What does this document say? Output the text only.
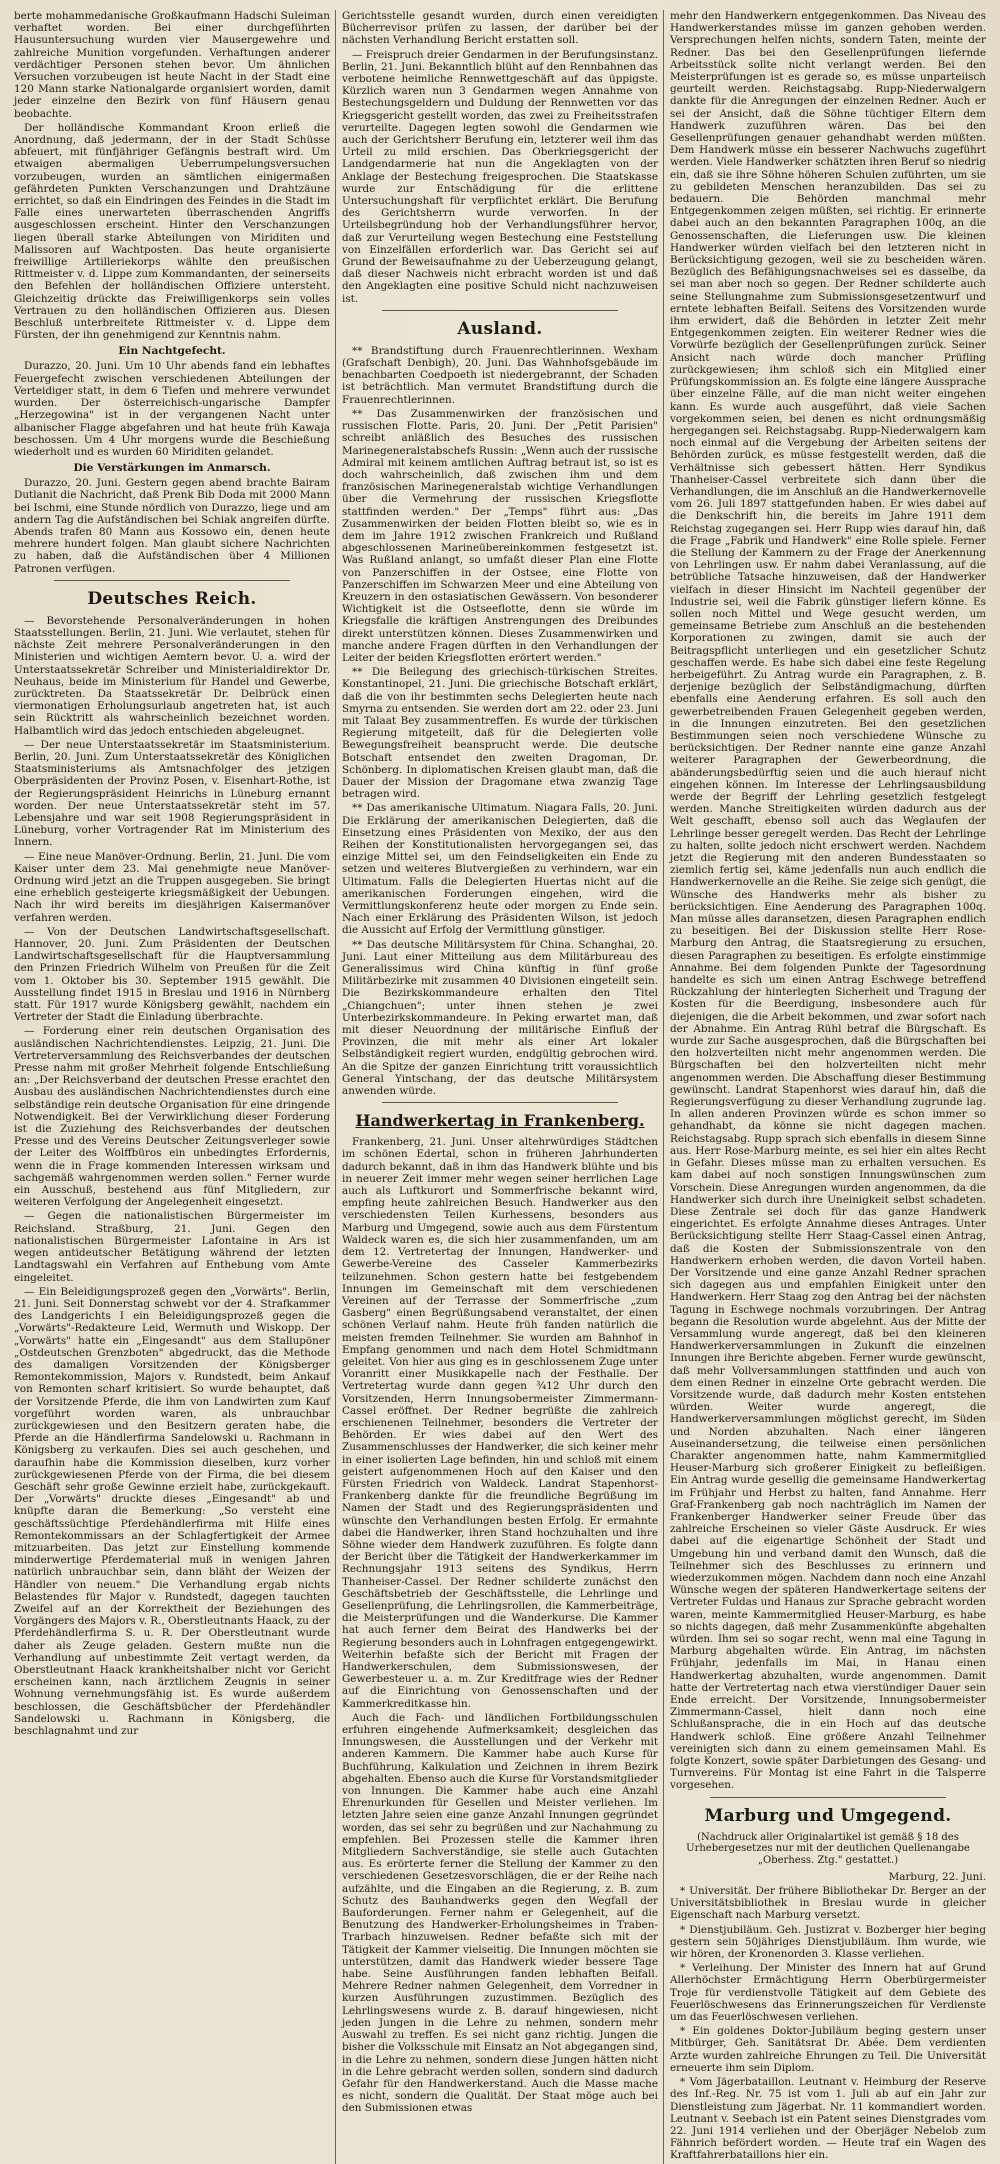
berte mohammedanische Großkaufmann Hadschi Suleiman verhaftet worden. Bei einer durchgeführten Hausuntersuchung wurden vier Mausergewehre und zahlreiche Munition vorgefunden. Verhaftungen anderer verdächtiger Personen stehen bevor. Um ähnlichen Versuchen vorzubeugen ist heute Nacht in der Stadt eine 120 Mann starke Nationalgarde organisiert worden, damit jeder einzelne den Bezirk von fünf Häusern genau beobachte.

Der holländische Kommandant Kroon erließ die Anordnung, daß jedermann, der in der Stadt Schüsse abfeuert, mit fünfjähriger Gefängnis bestraft wird. Um etwaigen abermaligen Ueberrumpelungsversuchen vorzubeugen, wurden an sämtlichen einigermaßen gefährdeten Punkten Verschanzungen und Drahtzäune errichtet, so daß ein Eindringen des Feindes in die Stadt im Falle eines unerwarteten überraschenden Angriffs ausgeschlossen erscheint. Hinter den Verschanzungen liegen überall starke Abteilungen von Miriditen und Malissoren auf Wachtposten. Das heute organisierte freiwillige Artilleriekorps wählte den preußischen Rittmeister v. d. Lippe zum Kommandanten, der seinerseits den Befehlen der holländischen Offiziere untersteht. Gleichzeitig drückte das Freiwilligenkorps sein volles Vertrauen zu den holländischen Offizieren aus. Diesen Beschluß unterbreitete Rittmeister v. d. Lippe dem Fürsten, der ihn genehmigend zur Kenntnis nahm.

Ein Nachtgefecht.

Durazzo, 20. Juni. Um 10 Uhr abends fand ein lebhaftes Feuergefecht zwischen verschiedenen Abteilungen der Verteidiger statt, in dem 6 Tiefen und mehrere verwundet wurden. Der österreichisch-ungarische Dampfer „Herzegowina" ist in der vergangenen Nacht unter albanischer Flagge abgefahren und hat heute früh Kawaja beschossen. Um 4 Uhr morgens wurde die Beschießung wiederholt und es wurden 60 Miriditen gelandet.

Die Verstärkungen im Anmarsch.

Durazzo, 20. Juni. Gestern gegen abend brachte Bairam Dutlanit die Nachricht, daß Prenk Bib Doda mit 2000 Mann bei Ischmi, eine Stunde nördlich von Durazzo, liege und am andern Tag die Aufständischen bei Schiak angreifen dürfte. Abends trafen 80 Mann aus Kossowo ein, denen heute mehrere hundert folgen. Man glaubt sichere Nachrichten zu haben, daß die Aufständischen über 4 Millionen Patronen verfügen.

Deutsches Reich.

— Bevorstehende Personalveränderungen in hohen Staatsstellungen. Berlin, 21. Juni. Wie verlautet, stehen für nächste Zeit mehrere Personalveränderungen in den Ministerien und wichtigen Aemtern bevor. U. a. wird der Unterstaatssekretär Schreiber und Ministerialdirektor Dr. Neuhaus, beide im Ministerium für Handel und Gewerbe, zurücktreten. Da Staatssekretär Dr. Delbrück einen viermonatigen Erholungsurlaub angetreten hat, ist auch sein Rücktritt als wahrscheinlich bezeichnet worden. Halbamtlich wird das jedoch entschieden abgeleugnet.

— Der neue Unterstaatssekretär im Staatsministerium. Berlin, 20. Juni. Zum Unterstaatssekretär des Königlichen Staatsministeriums als Amtsnachfolger des jetzigen Oberpräsidenten der Provinz Posen, v. Eisenhart-Rothe, ist der Regierungspräsident Heinrichs in Lüneburg ernannt worden. Der neue Unterstaatssekretär steht im 57. Lebensjahre und war seit 1908 Regierungspräsident in Lüneburg, vorher Vortragender Rat im Ministerium des Innern.

— Eine neue Manöver-Ordnung. Berlin, 21. Juni. Die vom Kaiser unter dem 23. Mai genehmigte neue Manöver-Ordnung wird jetzt an die Truppen ausgegeben. Sie bringt eine erheblich gesteigerte kriegsmäßigkeit der Uebungen. Nach ihr wird bereits im diesjährigen Kaisermanöver verfahren werden.

— Von der Deutschen Landwirtschaftsgesellschaft. Hannover, 20. Juni. Zum Präsidenten der Deutschen Landwirtschaftsgesellschaft für die Hauptversammlung den Prinzen Friedrich Wilhelm von Preußen für die Zeit vom 1. Oktober bis 30. September 1915 gewählt. Die Ausstellung findet 1915 in Breslau und 1916 in Nürnberg statt. Für 1917 wurde Königsberg gewählt, nachdem ein Vertreter der Stadt die Einladung überbrachte.

— Forderung einer rein deutschen Organisation des ausländischen Nachrichtendienstes. Leipzig, 21. Juni. Die Vertreterversammlung des Reichsverbandes der deutschen Presse nahm mit großer Mehrheit folgende Entschließung an: „Der Reichsverband der deutschen Presse erachtet den Ausbau des ausländischen Nachrichtendienstes durch eine selbständige rein deutsche Organisation für eine dringende Notwendigkeit. Bei der Verwirklichung dieser Forderung ist die Zuziehung des Reichsverbandes der deutschen Presse und des Vereins Deutscher Zeitungsverleger sowie der Leiter des Wolffbüros ein unbedingtes Erfordernis, wenn die in Frage kommenden Interessen wirksam und sachgemäß wahrgenommen werden sollen." Ferner wurde ein Ausschuß, bestehend aus fünf Mitgliedern, zur weiteren Verfolgung der Angelegenheit eingesetzt.

— Gegen die nationalistischen Bürgermeister im Reichsland. Straßburg, 21. Juni. Gegen den nationalistischen Bürgermeister Lafontaine in Ars ist wegen antideutscher Betätigung während der letzten Landtagswahl ein Verfahren auf Enthebung vom Amte eingeleitet.

— Ein Beleidigungsprozeß gegen den „Vorwärts". Berlin, 21. Juni. Seit Donnerstag schwebt vor der 4. Strafkammer des Landgerichts I ein Beleidigungsprozeß gegen die „Vorwärts"-Redakteure Leid, Wermuth und Wiskopp. Der „Vorwärts" hatte ein „Eingesandt" aus dem Stallupöner „Ostdeutschen Grenzboten" abgedruckt, das die Methode des damaligen Vorsitzenden der Königsberger Remontekommission, Majors v. Rundstedt, beim Ankauf von Remonten scharf kritisiert. So wurde behauptet, daß der Vorsitzende Pferde, die ihm von Landwirten zum Kauf vorgeführt worden waren, als unbrauchbar zurückgewiesen und den Besitzern geraten habe, die Pferde an die Händlerfirma Sandelowski u. Rachmann in Königsberg zu verkaufen. Dies sei auch geschehen, und daraufhin habe die Kommission dieselben, kurz vorher zurückgewiesenen Pferde von der Firma, die bei diesem Geschäft sehr große Gewinne erzielt habe, zurückgekauft. Der „Vorwärts" druckte dieses „Eingesandt" ab und knüpfte daran die Bemerkung: „So versteht eine geschäftssüchtige Pferdehändlerfirma mit Hilfe eines Remontekommissars an der Schlagfertigkeit der Armee mitzuarbeiten. Das jetzt zur Einstellung kommende minderwertige Pferdematerial muß in wenigen Jahren natürlich unbrauchbar sein, dann bläht der Weizen der Händler von neuem." Die Verhandlung ergab nichts Belastendes für Major v. Rundstedt, dagegen tauchten Zweifel auf an der Korrektheit der Beziehungen des Vorgängers des Majors v. R., Oberstleutnants Haack, zu der Pferdehändlerfirma S. u. R. Der Oberstleutnant wurde daher als Zeuge geladen. Gestern mußte nun die Verhandlung auf unbestimmte Zeit vertagt werden, da Oberstleutnant Haack krankheitshalber nicht vor Gericht erscheinen kann, nach ärztlichem Zeugnis in seiner Wohnung vernehmungsfähig ist. Es wurde außerdem beschlossen, die Geschäftsbücher der Pferdehändler Sandelowski u. Rachmann in Königsberg, die beschlagnahmt und zur

Gerichtsstelle gesandt wurden, durch einen vereidigten Bücherrevisor prüfen zu lassen, der darüber bei der nächsten Verhandlung Bericht erstatten soll.

— Freispruch dreier Gendarmen in der Berufungsinstanz. Berlin, 21. Juni. Bekanntlich blüht auf den Rennbahnen das verbotene heimliche Rennwettgeschäft auf das üppigste. Kürzlich waren nun 3 Gendarmen wegen Annahme von Bestechungsgeldern und Duldung der Rennwetten vor das Kriegsgericht gestellt worden, das zwei zu Freiheitsstrafen verurteilte. Dagegen legten sowohl die Gendarmen wie auch der Gerichtsherr Berufung ein, letzterer weil ihm das Urteil zu mild erschien. Das Oberkriegsgericht der Landgendarmerie hat nun die Angeklagten von der Anklage der Bestechung freigesprochen. Die Staatskasse wurde zur Entschädigung für die erlittene Untersuchungshaft für verpflichtet erklärt. Die Berufung des Gerichtsherrn wurde verworfen. In der Urteilsbegründung hob der Verhandlungsführer hervor, daß zur Verurteilung wegen Bestechung eine Feststellung von Einzelfällen erforderlich war. Das Gericht sei auf Grund der Beweisaufnahme zu der Ueberzeugung gelangt, daß dieser Nachweis nicht erbracht worden ist und daß den Angeklagten eine positive Schuld nicht nachzuweisen ist.

Ausland.

** Brandstiftung durch Frauenrechtlerinnen. Wexham (Grafschaft Denbigh), 20. Juni. Das Wahnhofsgebäude im benachbarten Coedpoeth ist niedergebrannt, der Schaden ist beträchtlich. Man vermutet Brandstiftung durch die Frauenrechtlerinnen.

** Das Zusammenwirken der französischen und russischen Flotte. Paris, 20. Juni. Der „Petit Parisien" schreibt anläßlich des Besuches des russischen Marinegeneralstabschefs Russin: „Wenn auch der russische Admiral mit keinem amtlichen Auftrag betraut ist, so ist es doch wahrscheinlich, daß zwischen ihm und dem französischen Marinegeneralstab wichtige Verhandlungen über die Vermehrung der russischen Kriegsflotte stattfinden werden." Der „Temps" führt aus: „Das Zusammenwirken der beiden Flotten bleibt so, wie es in dem im Jahre 1912 zwischen Frankreich und Rußland abgeschlossenen Marineübereinkommen festgesetzt ist. Was Rußland anlangt, so umfaßt dieser Plan eine Flotte von Panzerschiffen in der Ostsee, eine Flotte von Panzerschiffen im Schwarzen Meer und eine Abteilung von Kreuzern in den ostasiatischen Gewässern. Von besonderer Wichtigkeit ist die Ostseeflotte, denn sie würde im Kriegsfalle die kräftigen Anstrengungen des Dreibundes direkt unterstützen können. Dieses Zusammenwirken und manche andere Fragen dürften in den Verhandlungen der Leiter der beiden Kriegsflotten erörtert werden."

** Die Beilegung des griechisch-türkischen Streites. Konstantinopel, 21. Juni. Die griechische Botschaft erklärt, daß die von ihr bestimmten sechs Delegierten heute nach Smyrna zu entsenden. Sie werden dort am 22. oder 23. Juni mit Talaat Bey zusammentreffen. Es wurde der türkischen Regierung mitgeteilt, daß für die Delegierten volle Bewegungsfreiheit beansprucht werde. Die deutsche Botschaft entsendet den zweiten Dragoman, Dr. Schönberg. In diplomatischen Kreisen glaubt man, daß die Dauer der Mission der Dragomane etwa zwanzig Tage betragen wird.

** Das amerikanische Ultimatum. Niagara Falls, 20. Juni. Die Erklärung der amerikanischen Delegierten, daß die Einsetzung eines Präsidenten von Mexiko, der aus den Reihen der Konstitutionalisten hervorgegangen sei, das einzige Mittel sei, um den Feindseligkeiten ein Ende zu setzen und weiteres Blutvergießen zu verhindern, war ein Ultimatum. Falls die Delegierten Huertas nicht auf die amerikanischen Forderungen eingehen, wird die Vermittlungskonferenz heute oder morgen zu Ende sein. Nach einer Erklärung des Präsidenten Wilson, ist jedoch die Aussicht auf Erfolg der Vermittlung günstiger.

** Das deutsche Militärsystem für China. Schanghai, 20. Juni. Laut einer Mitteilung aus dem Militärbureau des Generalissimus wird China künftig in fünf große Militärbezirke mit zusammen 40 Divisionen eingeteilt sein. Die Bezirkskommandeure erhalten den Titel „Chiangchuen"; unter ihnen stehen je zwei Unterbezirkskommandeure. In Peking erwartet man, daß mit dieser Neuordnung der militärische Einfluß der Provinzen, die mit mehr als einer Art lokaler Selbständigkeit regiert wurden, endgültig gebrochen wird. An die Spitze der ganzen Einrichtung tritt voraussichtlich General Yintschang, der das deutsche Militärsystem anwenden würde.

Handwerkertag in Frankenberg.

Frankenberg, 21. Juni. Unser altehrwürdiges Städtchen im schönen Edertal, schon in früheren Jahrhunderten dadurch bekannt, daß in ihm das Handwerk blühte und bis in neuerer Zeit immer mehr wegen seiner herrlichen Lage auch als Luftkurort und Sommerfrische bekannt wird, empfing heute zahlreichen Besuch. Handwerker aus den verschiedensten Teilen Kurhessens, besonders aus Marburg und Umgegend, sowie auch aus dem Fürstentum Waldeck waren es, die sich hier zusammenfanden, um am dem 12. Vertretertag der Innungen, Handwerker- und Gewerbe-Vereine des Casseler Kammerbezirks teilzunehmen. Schon gestern hatte bei festgebendem Innungen im Gemeinschaft mit dem verschiedenen Vereinen auf der Terrasse der Sommerfrische „zum Gasberg" einen Begrüßungsabend veranstaltet, der einen schönen Verlauf nahm. Heute früh fanden natürlich die meisten fremden Teilnehmer. Sie wurden am Bahnhof in Empfang genommen und nach dem Hotel Schmidtmann geleitet. Von hier aus ging es in geschlossenem Zuge unter Voranritt einer Musikkapelle nach der Festhalle. Der Vertretertag wurde dann gegen ¾12 Uhr durch den Vorsitzenden, Herrn Innungsobermeister Zimmermann-Cassel eröffnet. Der Redner begrüßte die zahlreich erschienenen Teilnehmer, besonders die Vertreter der Behörden. Er wies dabei auf den Wert des Zusammenschlusses der Handwerker, die sich keiner mehr in einer isolierten Lage befinden, hin und schloß mit einem geistert aufgenommenen Hoch auf den Kaiser und den Fürsten Friedrich von Waldeck. Landrat Stapenhorst-Frankenberg dankte für die freundliche Begrüßung im Namen der Stadt und des Regierungspräsidenten und wünschte den Verhandlungen besten Erfolg. Er ermahnte dabei die Handwerker, ihren Stand hochzuhalten und ihre Söhne wieder dem Handwerk zuzuführen. Es folgte dann der Bericht über die Tätigkeit der Handwerkerkammer im Rechnungsjahr 1913 seitens des Syndikus, Herrn Thanheiser-Cassel. Der Redner schilderte zunächst den Geschäftsbetrieb der Geschäftsstelle, die Lehrlinge und Gesellenprüfung, die Lehrlingsrollen, die Kammerbeiträge, die Meisterprüfungen und die Wanderkurse. Die Kammer hat auch ferner dem Beirat des Handwerks bei der Regierung besonders auch in Lohnfragen entgegengewirkt. Weiterhin befaßte sich der Bericht mit Fragen der Handwerkerschulen, dem Submissionswesen, der Gewerbesteuer u. a. m. Zur Kreditfrage wies der Redner auf die Einrichtung von Genossenschaften und der Kammerkreditkasse hin.

Auch die Fach- und ländlichen Fortbildungsschulen erfuhren eingehende Aufmerksamkeit; desgleichen das Innungswesen, die Ausstellungen und der Verkehr mit anderen Kammern. Die Kammer habe auch Kurse für Buchführung, Kalkulation und Zeichnen in ihrem Bezirk abgehalten. Ebenso auch die Kurse für Vorstandsmitglieder von Innungen. Die Kammer habe auch eine Anzahl Ehrenurkunden für Gesellen und Meister verliehen. Im letzten Jahre seien eine ganze Anzahl Innungen gegründet worden, das sei sehr zu begrüßen und zur Nachahmung zu empfehlen. Bei Prozessen stelle die Kammer ihren Mitgliedern Sachverständige, sie stelle auch Gutachten aus. Es erörterte ferner die Stellung der Kammer zu den verschiedenen Gesetzesvorschlägen, die er der Reihe nach aufzählte, und die Eingaben an die Regierung, z. B. zum Schutz des Bauhandwerks gegen den Wegfall der Bauforderungen. Ferner nahm er Gelegenheit, auf die Benutzung des Handwerker-Erholungsheimes in Traben-Trarbach hinzuweisen. Redner befaßte sich mit der Tätigkeit der Kammer vielseitig. Die Innungen möchten sie unterstützen, damit das Handwerk wieder bessere Tage habe. Seine Ausführungen fanden lebhaften Beifall. Mehrere Redner nahmen Gelegenheit, dem Vorredner in kurzen Ausführungen zuzustimmen. Bezüglich des Lehrlingswesens wurde z. B. darauf hingewiesen, nicht jeden Jungen in die Lehre zu nehmen, sondern mehr Auswahl zu treffen. Es sei nicht ganz richtig. Jungen die bisher die Volksschule mit Einsatz an Not abgegangen sind, in die Lehre zu nehmen, sondern diese Jungen hätten nicht in die Lehre gebracht werden sollen, sondern sind dadurch Gefahr für den Handwerkerstand. Auch die Masse mache es nicht, sondern die Qualität. Der Staat möge auch bei den Submissionen etwas

mehr den Handwerkern entgegenkommen. Das Niveau des Handwerkerstandes müsse im ganzen gehoben werden. Versprechungen helfen nichts, sondern Taten, meinte der Redner. Das bei den Gesellenprüfungen liefernde Arbeitsstück sollte nicht verlangt werden. Bei den Meisterprüfungen ist es gerade so, es müsse unparteiisch geurteilt werden. Reichstagsabg. Rupp-Niederwalgern dankte für die Anregungen der einzelnen Redner. Auch er sei der Ansicht, daß die Söhne tüchtiger Eltern dem Handwerk zuzuführen wären. Das bei den Gesellenprüfungen genauer gehandhabt werden müßten. Dem Handwerk müsse ein besserer Nachwuchs zugeführt werden. Viele Handwerker schätzten ihren Beruf so niedrig ein, daß sie ihre Söhne höheren Schulen zuführten, um sie zu gebildeten Menschen heranzubilden. Das sei zu bedauern. Die Behörden manchmal mehr Entgegenkommen zeigen müßten, sei richtig. Er erinnerte dabei auch an den bekannten Paragraphen 100q, an die Genossenschaften, die Lieferungen usw. Die kleinen Handwerker würden vielfach bei den letzteren nicht in Berücksichtigung gezogen, weil sie zu bescheiden wären. Bezüglich des Befähigungsnachweises sei es dasselbe, da sei man aber noch so gegen. Der Redner schilderte auch seine Stellungnahme zum Submissionsgesetzentwurf und erntete lebhaften Beifall. Seitens des Vorsitzenden wurde ihm erwidert, daß die Behörden in letzter Zeit mehr Entgegenkommen zeigten. Ein weiterer Redner wies die Vorwürfe bezüglich der Gesellenprüfungen zurück. Seiner Ansicht nach würde doch mancher Prüfling zurückgewiesen; ihm schloß sich ein Mitglied einer Prüfungskommission an. Es folgte eine längere Aussprache über einzelne Fälle, auf die man nicht weiter eingehen kann. Es wurde auch ausgeführt, daß viele Sachen vorgekommen seien, bei denen es nicht ordnungsmäßig hergegangen sei. Reichstagsabg. Rupp-Niederwalgern kam noch einmal auf die Vergebung der Arbeiten seitens der Behörden zurück, es müsse festgestellt werden, daß die Verhältnisse sich gebessert hätten. Herr Syndikus Thanheiser-Cassel verbreitete sich dann über die Verhandlungen, die im Anschluß an die Handwerkernovelle vom 26. Juli 1897 stattgefunden haben. Er wies dabei auf die Denkschrift hin, die bereits im Jahre 1911 dem Reichstag zugegangen sei. Herr Rupp wies darauf hin, daß die Frage „Fabrik und Handwerk" eine Rolle spiele. Ferner die Stellung der Kammern zu der Frage der Anerkennung von Lehrlingen usw. Er nahm dabei Veranlassung, auf die betrübliche Tatsache hinzuweisen, daß der Handwerker vielfach in dieser Hinsicht im Nachteil gegenüber der Industrie sei, weil die Fabrik günstiger liefern könne. Es sollen noch Mittel und Wege gesucht werden, um gemeinsame Betriebe zum Anschluß an die bestehenden Korporationen zu zwingen, damit sie auch der Beitragspflicht unterliegen und ein gesetzlicher Schutz geschaffen werde. Es habe sich dabei eine feste Regelung herbeigeführt. Zu Antrag wurde ein Paragraphen, z. B. derjenige bezüglich der Selbständigmachung, dürften ebenfalls eine Aenderung erfahren. Es soll auch den gewerbetreibenden Frauen Gelegenheit gegeben werden, in die Innungen einzutreten. Bei den gesetzlichen Bestimmungen seien noch verschiedene Wünsche zu berücksichtigen. Der Redner nannte eine ganze Anzahl weiterer Paragraphen der Gewerbeordnung, die abänderungsbedürftig seien und die auch hierauf nicht eingehen können. Im Interesse der Lehrlingsausbildung werde der Begriff der Lehrling gesetzlich festgelegt werden. Manche Streitigkeiten würden dadurch aus der Welt geschafft, ebenso soll auch das Weglaufen der Lehrlinge besser geregelt werden. Das Recht der Lehrlinge zu halten, sollte jedoch nicht erschwert werden. Nachdem jetzt die Regierung mit den anderen Bundesstaaten so ziemlich fertig sei, käme jedenfalls nun auch endlich die Handwerkernovelle an die Reihe. Sie zeige sich genügt, die Wünsche des Handwerks mehr als bisher zu berücksichtigen. Eine Aenderung des Paragraphen 100q. Man müsse alles daransetzen, diesen Paragraphen endlich zu beseitigen. Bei der Diskussion stellte Herr Rose-Marburg den Antrag, die Staatsregierung zu ersuchen, diesen Paragraphen zu beseitigen. Es erfolgte einstimmige Annahme. Bei dem folgenden Punkte der Tagesordnung handelte es sich um einen Antrag Eschwege betreffend Rückzahlung der hinterlegten Sicherheit und Tragung der Kosten für die Beerdigung, insbesondere auch für diejenigen, die die Arbeit bekommen, und zwar sofort nach der Abnahme. Ein Antrag Rühl betraf die Bürgschaft. Es wurde zur Sache ausgesprochen, daß die Bürgschaften bei den holzverteilten nicht mehr angenommen werden. Die Bürgschaften bei den holzverteilten nicht mehr angenommen werden. Die Abschaffung dieser Bestimmung gewünscht. Landrat Stapenhorst wies darauf hin, daß die Regierungsverfügung zu dieser Verhandlung zugrunde lag. In allen anderen Provinzen würde es schon immer so gehandhabt, da könne sie nicht dagegen machen. Reichstagsabg. Rupp sprach sich ebenfalls in diesem Sinne aus. Herr Rose-Marburg meinte, es sei hier ein altes Recht in Gefahr. Dieses müsse man zu erhalten versuchen. Es kam dabei auf noch sonstigen Innungswünschen zum Vorschein. Diese Anregungen wurden angenommen, da die Handwerker sich durch ihre Uneinigkeit selbst schadeten. Diese Zentrale sei doch für das ganze Handwerk eingerichtet. Es erfolgte Annahme dieses Antrages. Unter Berücksichtigung stellte Herr Staag-Cassel einen Antrag, daß die Kosten der Submissionszentrale von den Handwerkern erhoben werden, die davon Vorteil haben. Der Vorsitzende und eine ganze Anzahl Redner sprachen sich dagegen aus und empfahlen Einigkeit unter den Handwerkern. Herr Staag zog den Antrag bei der nächsten Tagung in Eschwege nochmals vorzubringen. Der Antrag begann die Resolution wurde abgelehnt. Aus der Mitte der Versammlung wurde angeregt, daß bei den kleineren Handwerkerversammlungen in Zukunft die einzelnen Innungen ihre Berichte abgeben. Ferner wurde gewünscht, daß mehr Vollversammlungen stattfinden und auch von dem einen Redner in einzelne Orte gebracht werden. Die Vorsitzende wurde, daß dadurch mehr Kosten entstehen würden. Weiter wurde angeregt, die Handwerkerversammlungen möglichst gerecht, im Süden und Norden abzuhalten. Nach einer längeren Auseinandersetzung, die teilweise einen persönlichen Charakter angenommen hatte, nahm Kammermitglied Heuser-Marburg sich großerer Einigkeit zu befleißigen. Ein Antrag wurde gesellig die gemeinsame Handwerkertag im Frühjahr und Herbst zu halten, fand Annahme. Herr Graf-Frankenberg gab noch nachträglich im Namen der Frankenberger Handwerker seiner Freude über das zahlreiche Erscheinen so vieler Gäste Ausdruck. Er wies dabei auf die eigenartige Schönheit der Stadt und Umgebung hin und verband damit den Wunsch, daß die Teilnehmer sich des Beschlusses zu erinnern und wiederzukommen mögen. Nachdem dann noch eine Anzahl Wünsche wegen der späteren Handwerkertage seitens der Vertreter Fuldas und Hanaus zur Sprache gebracht worden waren, meinte Kammermitglied Heuser-Marburg, es habe so nichts dagegen, daß mehr Zusammenkünfte abgehalten würden. Ihm sei so sogar recht, wenn mal eine Tagung in Marburg abgehalten würde. Ein Antrag, im nächsten Frühjahr, jedenfalls im Mai, in Hanau einen Handwerkertag abzuhalten, wurde angenommen. Damit hatte der Vertretertag nach etwa vierstündiger Dauer sein Ende erreicht. Der Vorsitzende, Innungsobermeister Zimmermann-Cassel, hielt dann noch eine Schlußansprache, die in ein Hoch auf das deutsche Handwerk schloß. Eine größere Anzahl Teilnehmer vereinigten sich dann zu einem gemeinsamen Mahl. Es folgte Konzert, sowie später Darbietungen des Gesang- und Turnvereins. Für Montag ist eine Fahrt in die Talsperre vorgesehen.

Marburg und Umgegend.
(Nachdruck aller Originalartikel ist gemäß § 18 des Urhebergesetzes nur mit der deutlichen Quellenangabe „Oberhess. Ztg." gestattet.)
Marburg, 22. Juni.

* Universität. Der frühere Bibliothekar Dr. Berger an der Universitätsbibliothek in Breslau wurde in gleicher Eigenschaft nach Marburg versetzt.

* Dienstjubiläum. Geh. Justizrat v. Bozberger hier beging gestern sein 50jähriges Dienstjubiläum. Ihm wurde, wie wir hören, der Kronenorden 3. Klasse verliehen.

* Verleihung. Der Minister des Innern hat auf Grund Allerhöchster Ermächtigung Herrn Oberbürgermeister Troje für verdienstvolle Tätigkeit auf dem Gebiete des Feuerlöschwesens das Erinnerungszeichen für Verdienste um das Feuerlöschwesen verliehen.

* Ein goldenes Doktor-Jubiläum beging gestern unser Mitbürger, Geh. Sanitätsrat Dr. Abée. Dem verdienten Arzte wurden zahlreiche Ehrungen zu Teil. Die Universität erneuerte ihm sein Diplom.

* Vom Jägerbataillon. Leutnant v. Heimburg der Reserve des Inf.-Reg. Nr. 75 ist vom 1. Juli ab auf ein Jahr zur Dienstleistung zum Jägerbat. Nr. 11 kommandiert worden. Leutnant v. Seebach ist ein Patent seines Dienstgrades vom 22. Juni 1914 verliehen und der Oberjäger Nebelob zum Fähnrich befördert worden. — Heute traf ein Wagen des Kraftfahrerbataillons hier ein.
